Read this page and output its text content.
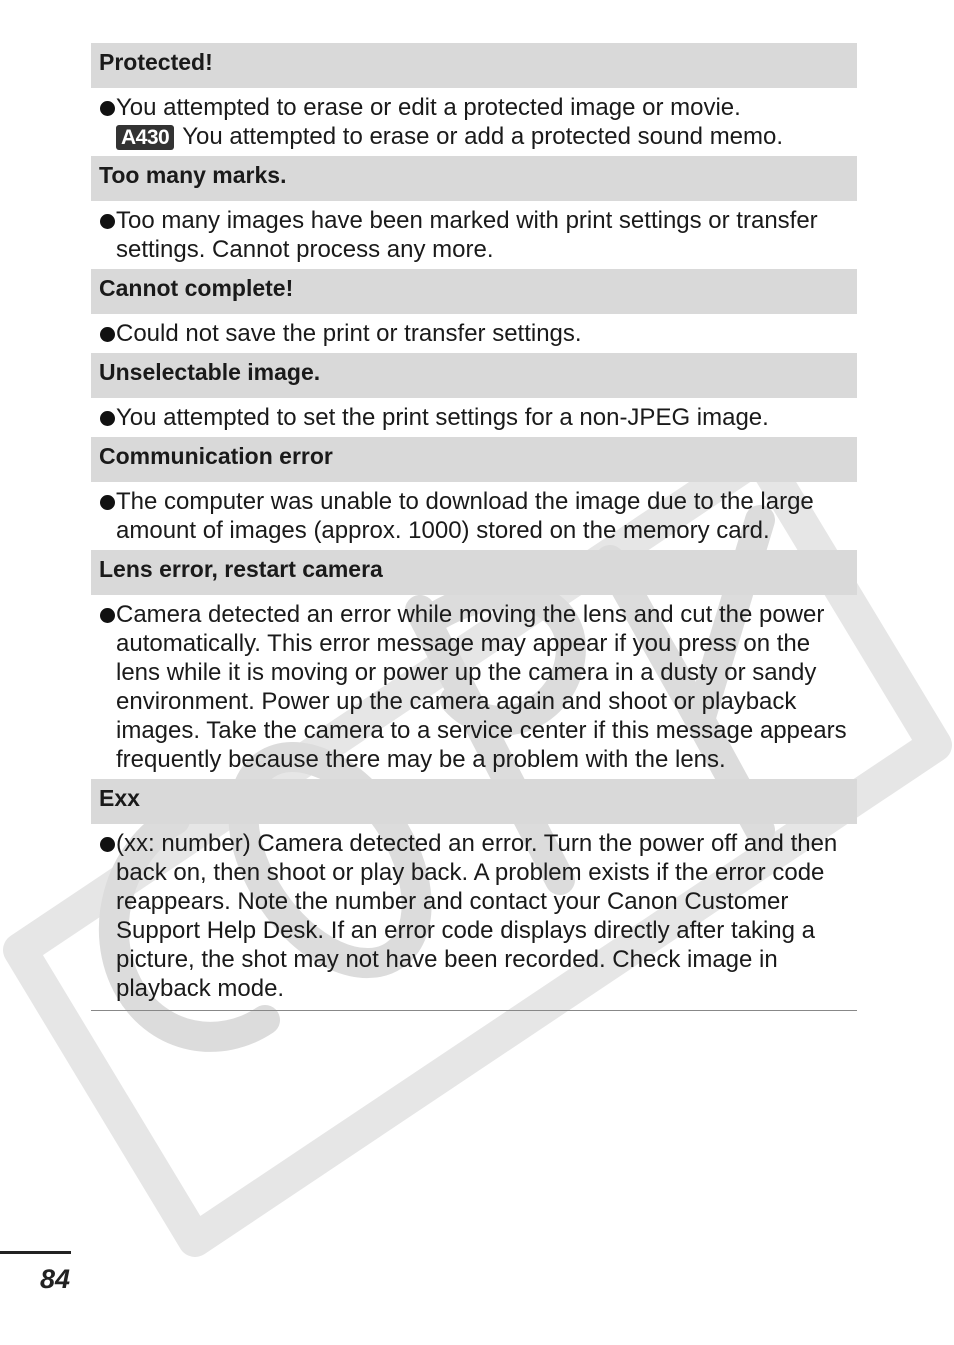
Protected!
You attempted to erase or edit a protected image or movie.
A430 You attempted to erase or add a protected sound memo.
Too many marks.
Too many images have been marked with print settings or transfer settings. Cannot process any more.
Cannot complete!
Could not save the print or transfer settings.
Unselectable image.
You attempted to set the print settings for a non-JPEG image.
Communication error
The computer was unable to download the image due to the large amount of images (approx. 1000) stored on the memory card.
Lens error, restart camera
Camera detected an error while moving the lens and cut the power automatically. This error message may appear if you press on the lens while it is moving or power up the camera in a dusty or sandy environment. Power up the camera again and shoot or playback images. Take the camera to a service center if this message appears frequently because there may be a problem with the lens.
Exx
(xx: number) Camera detected an error. Turn the power off and then back on, then shoot or play back. A problem exists if the error code reappears. Note the number and contact your Canon Customer Support Help Desk. If an error code displays directly after taking a picture, the shot may not have been recorded. Check image in playback mode.
84
